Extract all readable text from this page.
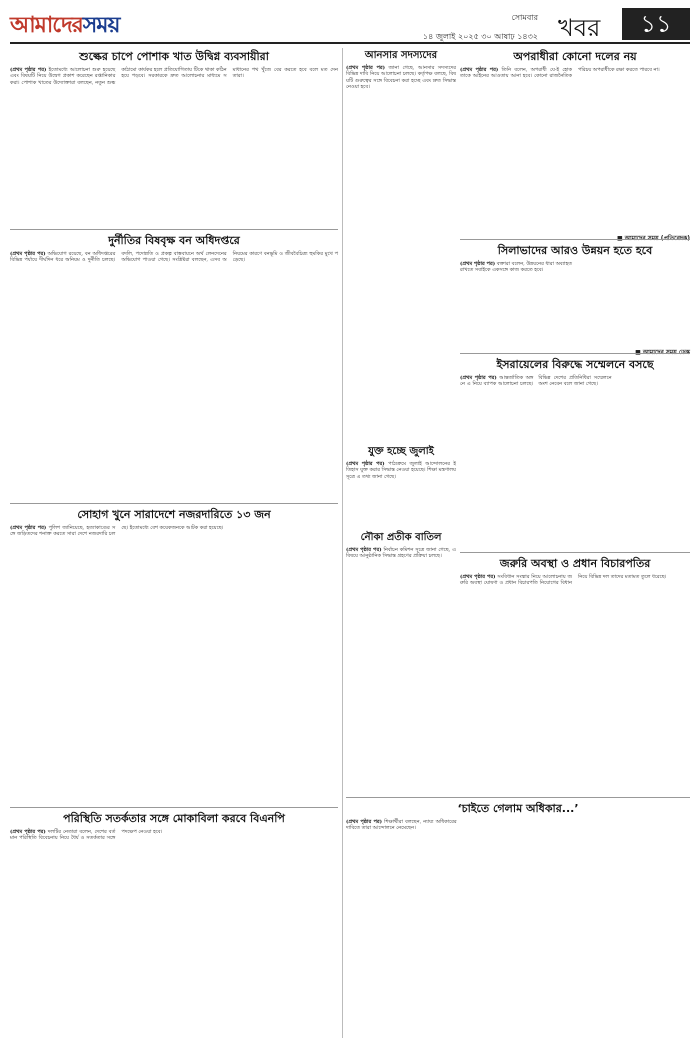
আমাদেরসময়	সোমবার
১৪ জুলাই ২০২৫ ৩০ আষাঢ় ১৪৩২ খবর	১১

শুল্কের চাপে পোশাক খাত উদ্বিগ্ন ব্যবসায়ীরা

(প্রথম পৃষ্ঠার পর) ইতোমধ্যে আলোচনা শুরু হয়েছে এবং বিষয়টি নিয়ে উদ্বেগ প্রকাশ করেছেন রপ্তানিকারকরা। পোশাক খাতের উদ্যোক্তারা বলছেন, নতুন শুল্ক কাঠামো কার্যকর হলে প্রতিযোগিতায় টিকে থাকা কঠিন হয়ে পড়বে। সরকারকে দ্রুত আলোচনার মাধ্যমে সমাধানের পথ খুঁজে বের করতে হবে বলে মত দেন তারা।

দুর্নীতির বিষবৃক্ষ বন অধিদপ্তরে

(প্রথম পৃষ্ঠার পর) অভিযোগ রয়েছে, বন অধিদপ্তরের বিভিন্ন পর্যায়ে দীর্ঘদিন ধরে অনিয়ম ও দুর্নীতি চলছে। বদলি, পদোন্নতি ও প্রকল্প বাস্তবায়নে অর্থ লেনদেনের অভিযোগ পাওয়া গেছে। সংশ্লিষ্টরা বলছেন, এসব অনিয়মের কারণে বনভূমি ও জীববৈচিত্র্য হুমকির মুখে পড়েছে।

সোহাগ খুনে সারাদেশে নজরদারিতে ১৩ জন

(প্রথম পৃষ্ঠার পর) পুলিশ জানিয়েছে, হত্যাকাণ্ডের সঙ্গে জড়িতদের শনাক্ত করতে সারা দেশে নজরদারি চলছে। ইতোমধ্যে বেশ কয়েকজনকে আটক করা হয়েছে।

পরিস্থিতি সতর্কতার সঙ্গে মোকাবিলা করবে বিএনপি

(প্রথম পৃষ্ঠার পর) দলটির নেতারা বলেন, দেশের বর্তমান পরিস্থিতি বিবেচনায় নিয়ে ধৈর্য ও সতর্কতার সঙ্গে পদক্ষেপ নেওয়া হবে।

আনসার সদস্যদের

(প্রথম পৃষ্ঠার পর) জানা গেছে, আনসার সদস্যদের বিভিন্ন দাবি নিয়ে আলোচনা চলছে। কর্তৃপক্ষ বলছে, বিষয়টি গুরুত্বের সঙ্গে বিবেচনা করা হচ্ছে এবং দ্রুত সিদ্ধান্ত নেওয়া হবে।

অপরাধীরা কোনো দলের নয়

(প্রথম পৃষ্ঠার পর) তিনি বলেন, অপরাধী যে-ই হোক তাকে আইনের আওতায় আনা হবে। কোনো রাজনৈতিক পরিচয় অপরাধীকে রক্ষা করতে পারবে না।

সিলাভাদের আরও উন্নয়ন হতে হবে

(প্রথম পৃষ্ঠার পর) বক্তারা বলেন, উন্নয়নের ধারা অব্যাহত রাখতে সবাইকে একসঙ্গে কাজ করতে হবে।

ইসরায়েলের বিরুদ্ধে সম্মেলনে বসছে

(প্রথম পৃষ্ঠার পর) আন্তর্জাতিক অঙ্গনে এ নিয়ে ব্যাপক আলোচনা চলছে। বিভিন্ন দেশের প্রতিনিধিরা সম্মেলনে অংশ নেবেন বলে জানা গেছে।

যুক্ত হচ্ছে জুলাই

(প্রথম পৃষ্ঠার পর) পাঠ্যক্রমে জুলাই আন্দোলনের ইতিহাস যুক্ত করার সিদ্ধান্ত নেওয়া হয়েছে। শিক্ষা মন্ত্রণালয় সূত্রে এ তথ্য জানা গেছে।

জরুরি অবস্থা ও প্রধান বিচারপতির

(প্রথম পৃষ্ঠার পর) সংবিধান সংস্কার নিয়ে আলোচনায় জরুরি অবস্থা ঘোষণা ও প্রধান বিচারপতি নিয়োগের বিধান নিয়ে বিভিন্ন দল তাদের মতামত তুলে ধরেছে।

নৌকা প্রতীক বাতিল

(প্রথম পৃষ্ঠার পর) নির্বাচন কমিশন সূত্রে জানা গেছে, এ বিষয়ে আনুষ্ঠানিক সিদ্ধান্ত গ্রহণের প্রক্রিয়া চলছে।

‘চাইতে গেলাম অধিকার...’

(প্রথম পৃষ্ঠার পর) শিক্ষার্থীরা বলছেন, ন্যায্য অধিকারের দাবিতে তারা আন্দোলনে নেমেছেন।
